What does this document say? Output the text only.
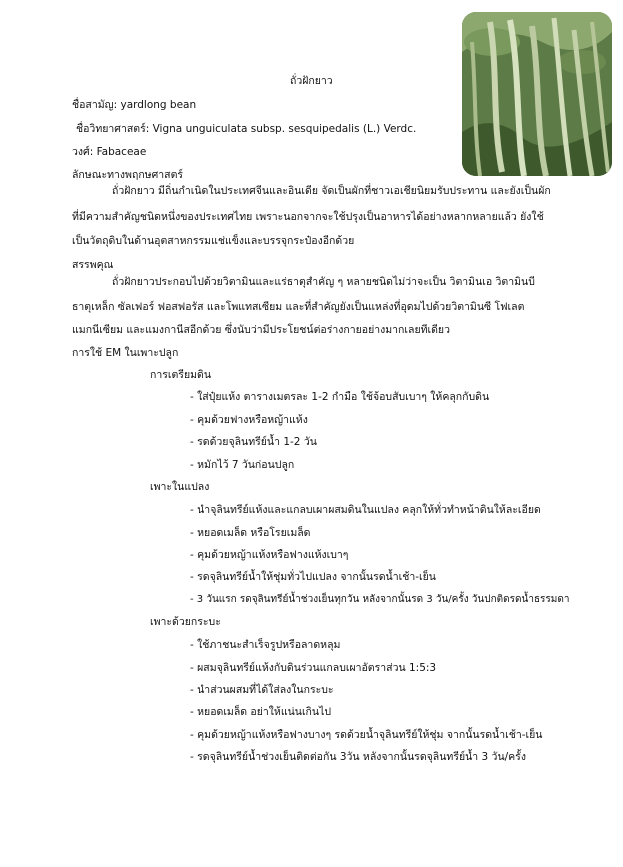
ถั่วฝักยาว
ชื่อสามัญ: yardlong bean
ชื่อวิทยาศาสตร์: Vigna unguiculata subsp. sesquipedalis (L.) Verdc.
วงศ์: Fabaceae
ลักษณะทางพฤกษศาสตร์
ถั่วฝักยาว มีถิ่นกำเนิดในประเทศจีนและอินเดีย จัดเป็นผักที่ชาวเอเชียนิยมรับประทาน และยังเป็นผัก
ที่มีความสำคัญชนิดหนึ่งของประเทศไทย เพราะนอกจากจะใช้ปรุงเป็นอาหารได้อย่างหลากหลายแล้ว ยังใช้
เป็นวัตถุดิบในด้านอุตสาหกรรมแช่แข็งและบรรจุกระป๋องอีกด้วย
สรรพคุณ
ถั่วฝักยาวประกอบไปด้วยวิตามินและแร่ธาตุสำคัญ ๆ หลายชนิดไม่ว่าจะเป็น วิตามินเอ วิตามินบี
ธาตุเหล็ก ซัลเฟอร์ ฟอสฟอรัส และโพแทสเซียม และที่สำคัญยังเป็นแหล่งที่อุดมไปด้วยวิตามินซี โฟเลต
แมกนีเซียม และแมงกานีสอีกด้วย ซึ่งนับว่ามีประโยชน์ต่อร่างกายอย่างมากเลยทีเดียว
การใช้ EM ในเพาะปลูก
การเตรียมดิน
- ใส่ปุ๋ยแห้ง ตารางเมตรละ 1-2 กำมือ ใช้จ้อบสับเบาๆ ให้คลุกกับดิน
- คุมด้วยฟางหรือหญ้าแห้ง
- รดด้วยจุลินทรีย์น้ำ 1-2 วัน
- หมักไว้ 7 วันก่อนปลูก
เพาะในแปลง
- นำจุลินทรีย์แห้งและแกลบเผาผสมดินในแปลง คลุกให้ทั่วทำหน้าดินให้ละเอียด
- หยอดเมล็ด หรือโรยเมล็ด
- คุมด้วยหญ้าแห้งหรือฟางแห้งเบาๆ
- รดจุลินทรีย์น้ำให้ชุ่มทั่วไปแปลง จากนั้นรดน้ำเช้า-เย็น
- 3 วันแรก รดจุลินทรีย์น้ำช่วงเย็นทุกวัน หลังจากนั้นรด 3 วัน/ครั้ง วันปกติดรดน้ำธรรมดา
เพาะด้วยกระบะ
- ใช้ภาชนะสำเร็จรูปหรือลาดหลุม
- ผสมจุลินทรีย์แห้งกับดินร่วนแกลบเผาอัตราส่วน 1:5:3
- นำส่วนผสมที่ได้ใส่ลงในกระบะ
- หยอดเมล็ด อย่าให้แน่นเกินไป
- คุมด้วยหญ้าแห้งหรือฟางบางๆ รดด้วยน้ำจุลินทรีย์ให้ชุ่ม จากนั้นรดน้ำเช้า-เย็น
- รดจุลินทรีย์น้ำช่วงเย็นติดต่อกัน 3วัน หลังจากนั้นรดจุลินทรีย์น้ำ 3 วัน/ครั้ง
